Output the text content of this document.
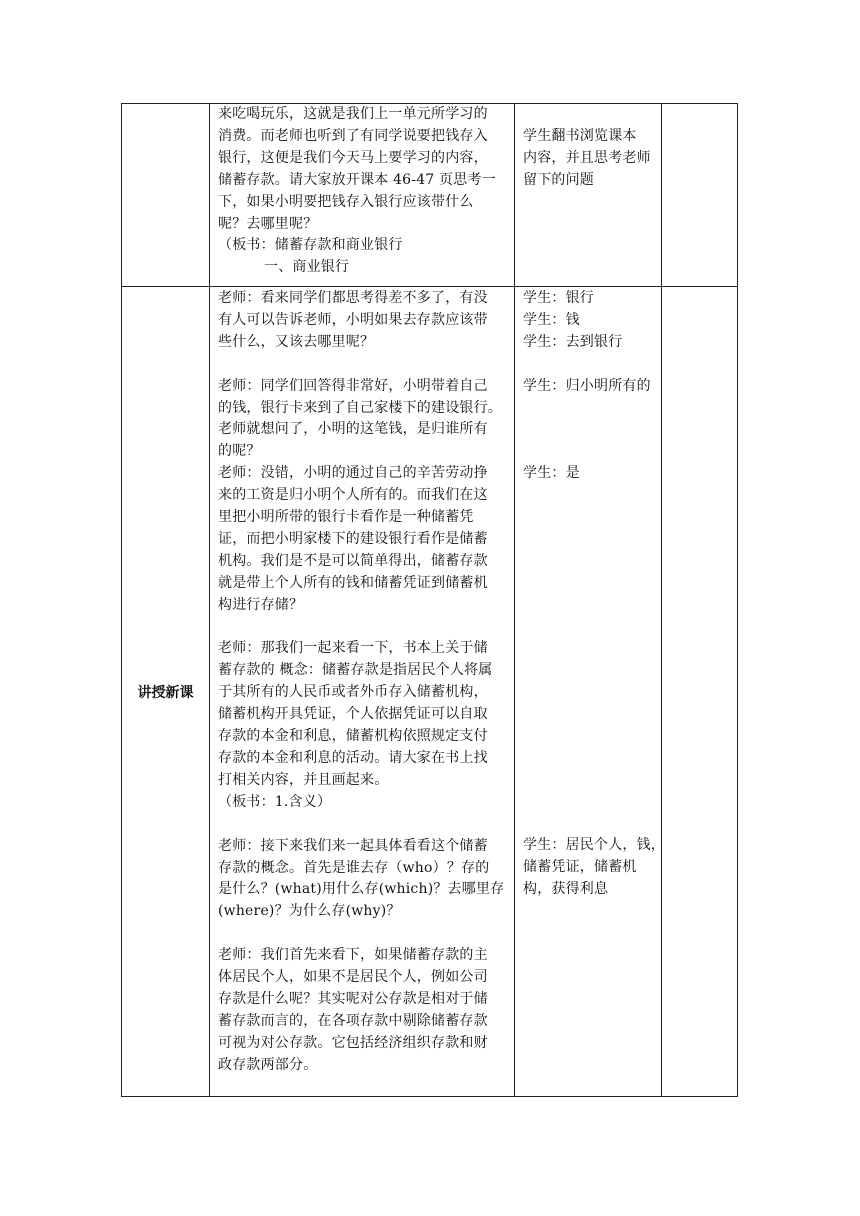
来吃喝玩乐，这就是我们上一单元所学习的

消费。而老师也听到了有同学说要把钱存入

银行，这便是我们今天马上要学习的内容，

储蓄存款。请大家放开课本 46-47 页思考一

下，如果小明要把钱存入银行应该带什么

呢？去哪里呢？

（板书：储蓄存款和商业银行

一、商业银行

学生翻书浏览课本

内容，并且思考老师

留下的问题

讲授新课

老师：看来同学们都思考得差不多了，有没

有人可以告诉老师，小明如果去存款应该带

些什么，又该去哪里呢？

老师：同学们回答得非常好，小明带着自己

的钱，银行卡来到了自己家楼下的建设银行。

老师就想问了，小明的这笔钱，是归谁所有

的呢？

老师：没错，小明的通过自己的辛苦劳动挣

来的工资是归小明个人所有的。而我们在这

里把小明所带的银行卡看作是一种储蓄凭

证，而把小明家楼下的建设银行看作是储蓄

机构。我们是不是可以简单得出，储蓄存款

就是带上个人所有的钱和储蓄凭证到储蓄机

构进行存储？

老师：那我们一起来看一下，书本上关于储

蓄存款的 概念：储蓄存款是指居民个人将属

于其所有的人民币或者外币存入储蓄机构，

储蓄机构开具凭证，个人依据凭证可以自取

存款的本金和利息，储蓄机构依照规定支付

存款的本金和利息的活动。请大家在书上找

打相关内容，并且画起来。

（板书：1.含义）

老师：接下来我们来一起具体看看这个储蓄

存款的概念。首先是谁去存（who）？存的

是什么？(what)用什么存(which)？去哪里存

(where)？为什么存(why)？

老师：我们首先来看下，如果储蓄存款的主

体居民个人，如果不是居民个人，例如公司

存款是什么呢？其实呢对公存款是相对于储

蓄存款而言的，在各项存款中剔除储蓄存款

可视为对公存款。它包括经济组织存款和财

政存款两部分。

学生：银行

学生：钱

学生：去到银行

学生：归小明所有的

学生：是

学生：居民个人，钱，

储蓄凭证，储蓄机

构，获得利息
